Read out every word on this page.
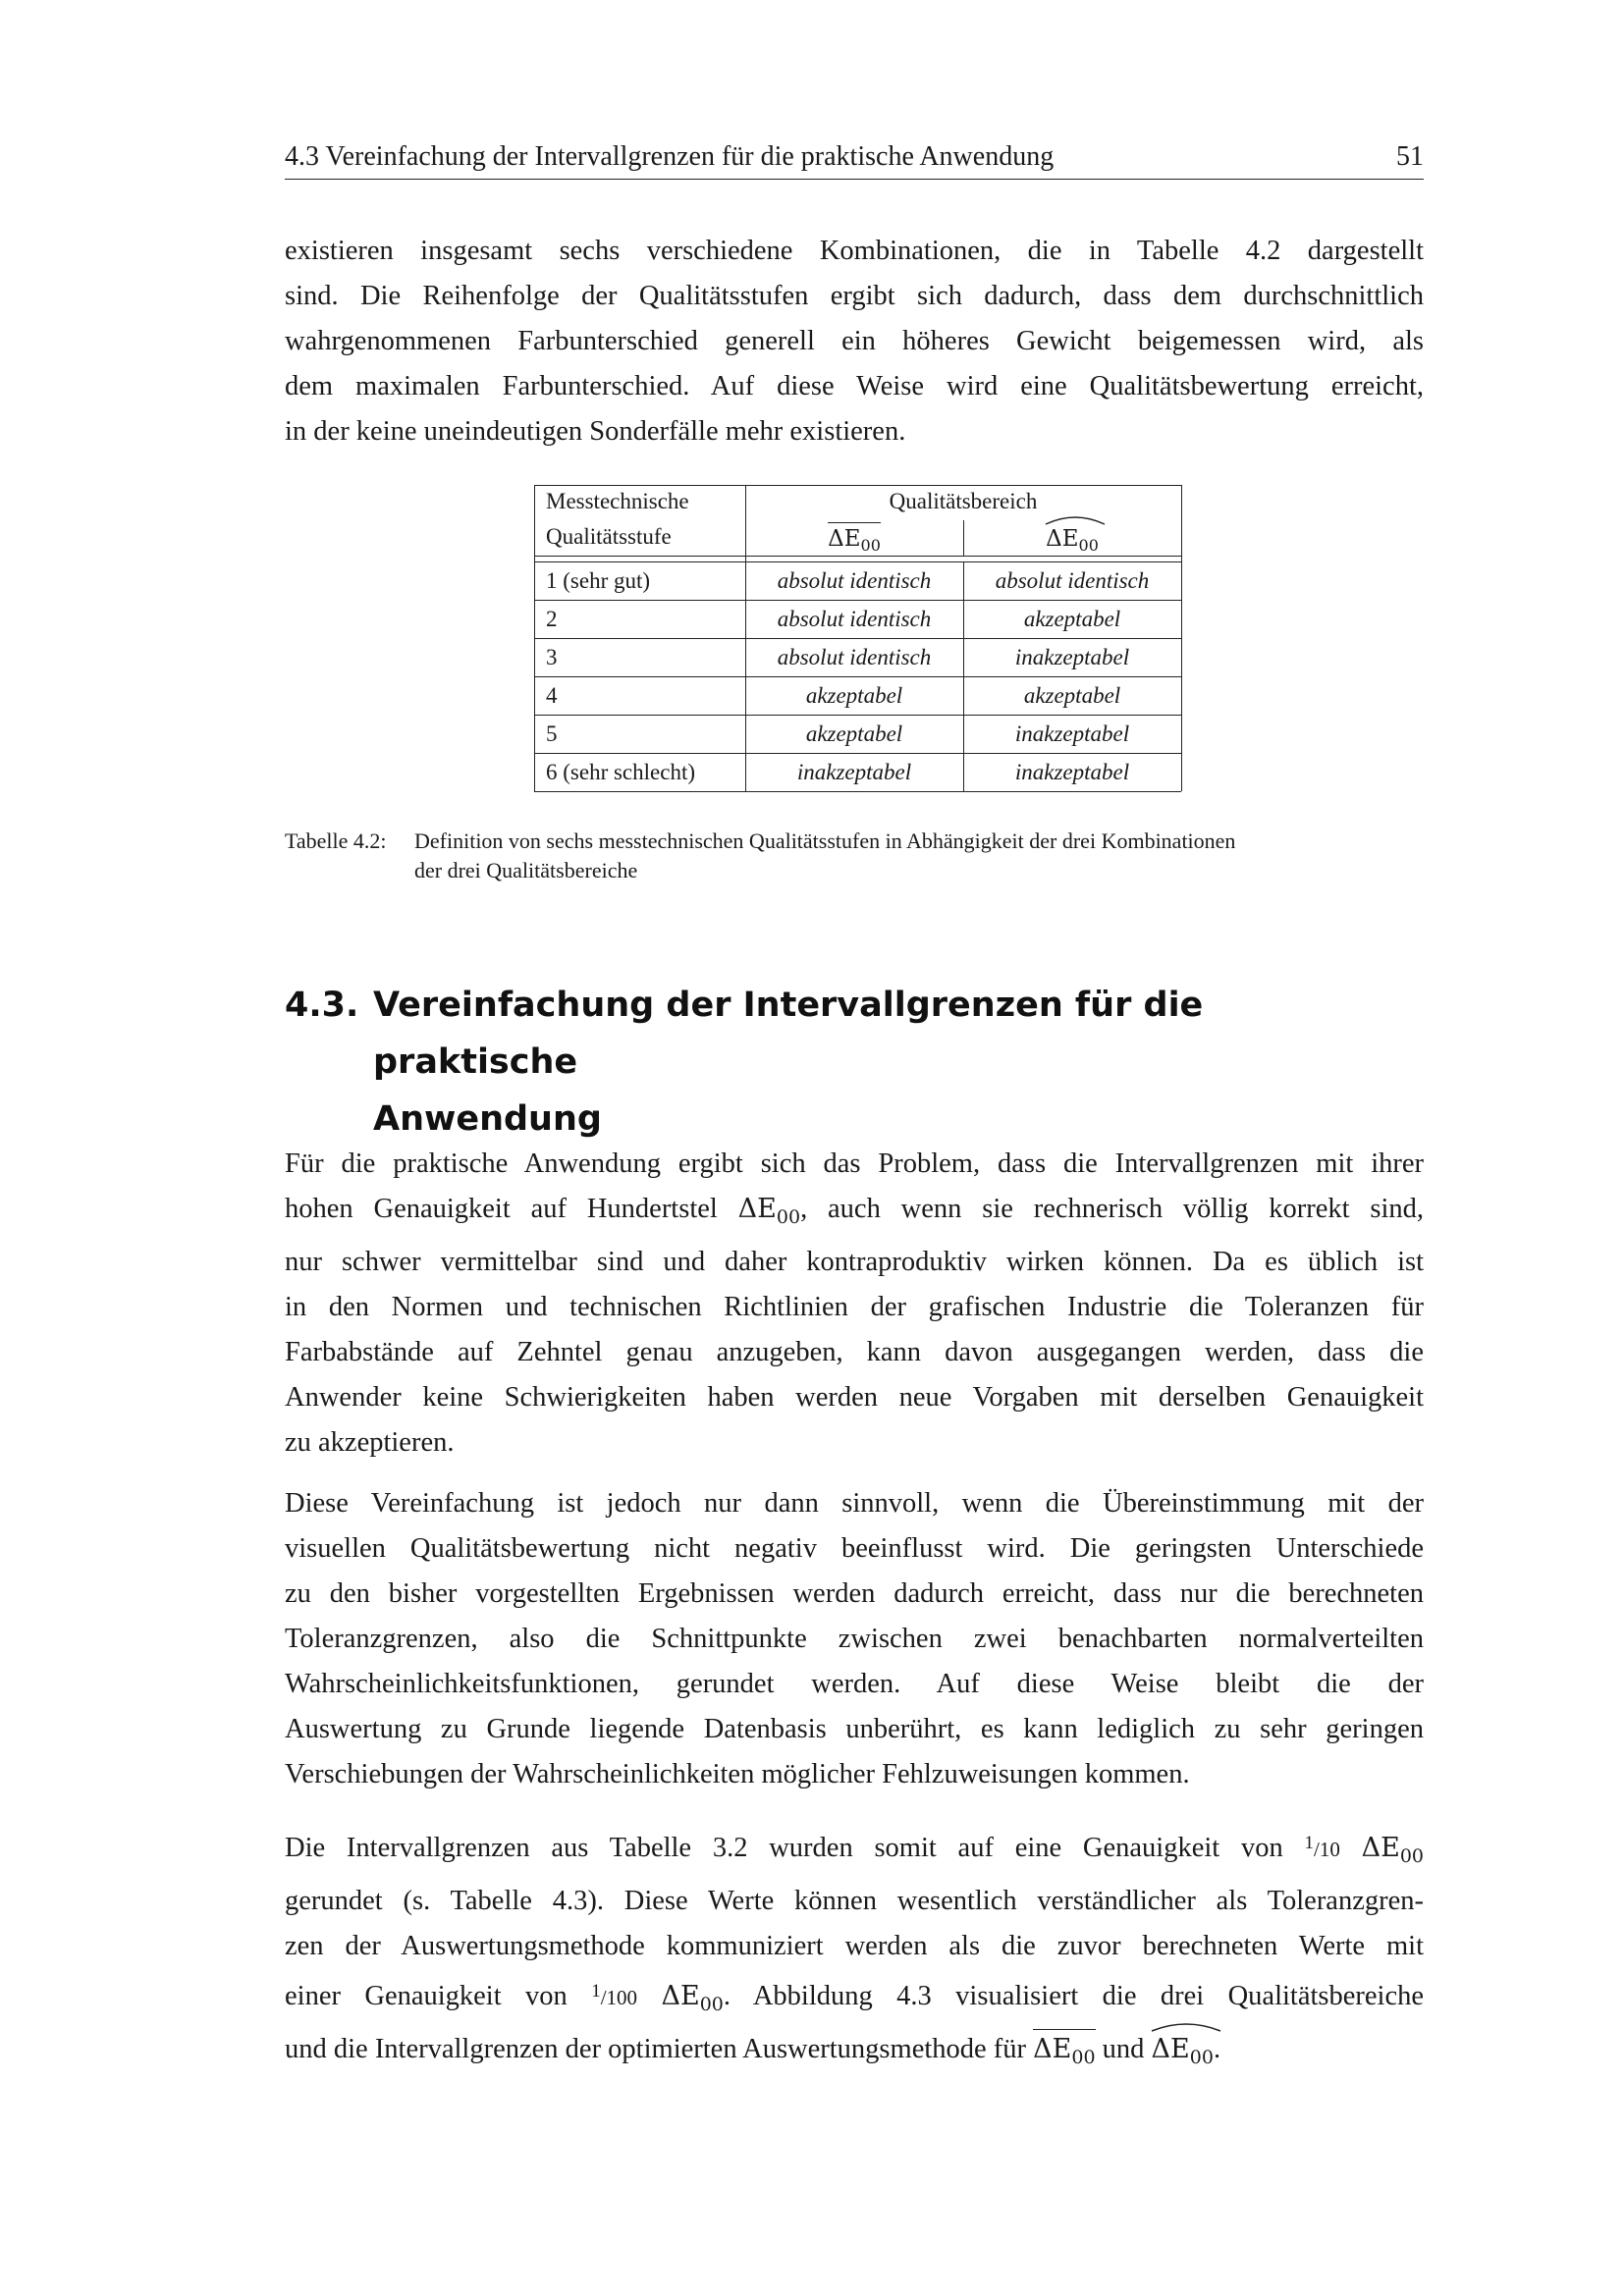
4.3 Vereinfachung der Intervallgrenzen für die praktische Anwendung	51
existieren insgesamt sechs verschiedene Kombinationen, die in Tabelle 4.2 dargestellt
sind. Die Reihenfolge der Qualitätsstufen ergibt sich dadurch, dass dem durchschnittlich
wahrgenommenen Farbunterschied generell ein höheres Gewicht beigemessen wird, als
dem maximalen Farbunterschied. Auf diese Weise wird eine Qualitätsbewertung erreicht,
in der keine uneindeutigen Sonderfälle mehr existieren.
Messtechnische
Qualitätsstufe
Qualitätsbereich
$\Delta E_{00}$	$\Delta E_{00}$
1 (sehr gut)	absolut identisch	absolut identisch
2	absolut identisch	akzeptabel
3	absolut identisch	inakzeptabel
4	akzeptabel	akzeptabel
5	akzeptabel	inakzeptabel
6 (sehr schlecht)	inakzeptabel	inakzeptabel
Tabelle 4.2: Definition von sechs messtechnischen Qualitätsstufen in Abhängigkeit der drei Kombinationen
der drei Qualitätsbereiche
4.3. Vereinfachung der Intervallgrenzen für die praktische
Anwendung
Für die praktische Anwendung ergibt sich das Problem, dass die Intervallgrenzen mit ihrer
hohen Genauigkeit auf Hundertstel $\Delta E_{00}$, auch wenn sie rechnerisch völlig korrekt sind,
nur schwer vermittelbar sind und daher kontraproduktiv wirken können. Da es üblich ist
in den Normen und technischen Richtlinien der grafischen Industrie die Toleranzen für
Farbabstände auf Zehntel genau anzugeben, kann davon ausgegangen werden, dass die
Anwender keine Schwierigkeiten haben werden neue Vorgaben mit derselben Genauigkeit
zu akzeptieren.
Diese Vereinfachung ist jedoch nur dann sinnvoll, wenn die Übereinstimmung mit der
visuellen Qualitätsbewertung nicht negativ beeinflusst wird. Die geringsten Unterschiede
zu den bisher vorgestellten Ergebnissen werden dadurch erreicht, dass nur die berechneten
Toleranzgrenzen, also die Schnittpunkte zwischen zwei benachbarten normalverteilten
Wahrscheinlichkeitsfunktionen, gerundet werden. Auf diese Weise bleibt die der
Auswertung zu Grunde liegende Datenbasis unberührt, es kann lediglich zu sehr geringen
Verschiebungen der Wahrscheinlichkeiten möglicher Fehlzuweisungen kommen.
Die Intervallgrenzen aus Tabelle 3.2 wurden somit auf eine Genauigkeit von $^1$/10 $\Delta E_{00}$
gerundet (s. Tabelle 4.3). Diese Werte können wesentlich verständlicher als Toleranzgren-
zen der Auswertungsmethode kommuniziert werden als die zuvor berechneten Werte mit
einer Genauigkeit von $^1$/100 $\Delta E_{00}$. Abbildung 4.3 visualisiert die drei Qualitätsbereiche
und die Intervallgrenzen der optimierten Auswertungsmethode für $\Delta E_{00}$ und $\Delta E_{00}$.
